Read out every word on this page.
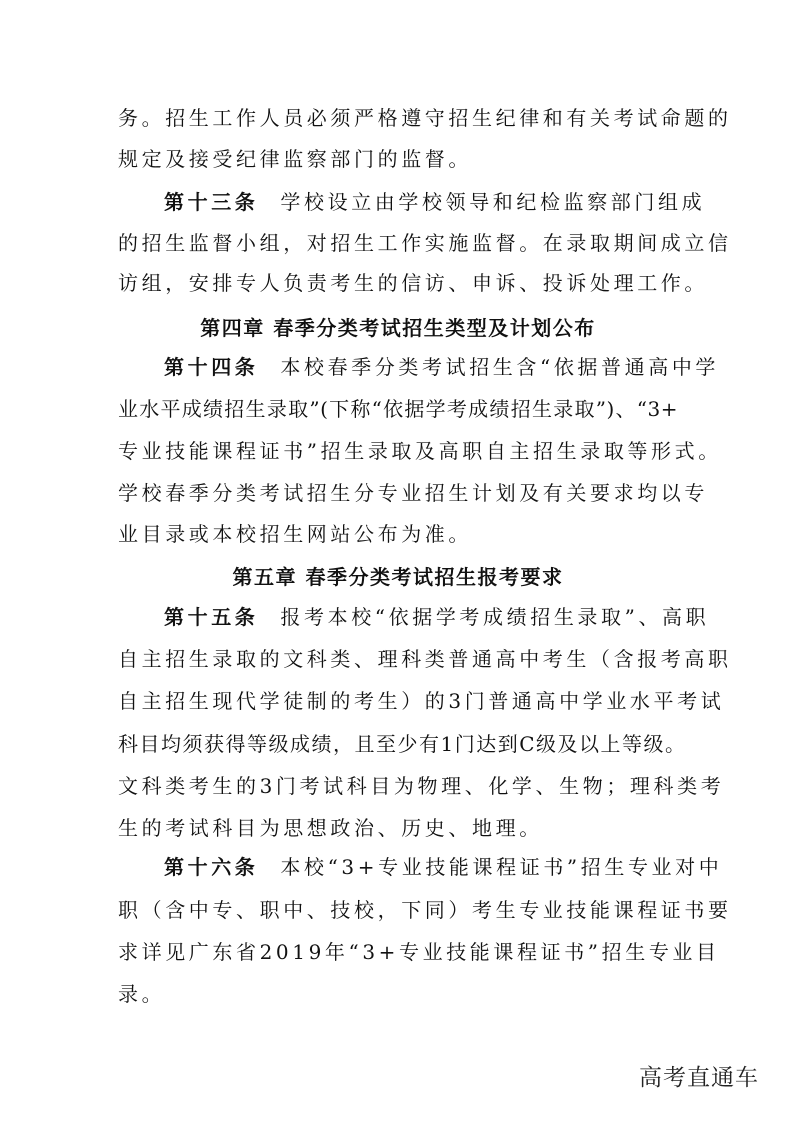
务。招生工作人员必须严格遵守招生纪律和有关考试命题的
规定及接受纪律监察部门的监督。
第十三条 学校设立由学校领导和纪检监察部门组成
的招生监督小组，对招生工作实施监督。在录取期间成立信
访组，安排专人负责考生的信访、申诉、投诉处理工作。
第四章 春季分类考试招生类型及计划公布
第十四条 本校春季分类考试招生含“依据普通高中学
业水平成绩招生录取”(下称“依据学考成绩招生录取”)、“3+
专业技能课程证书”招生录取及高职自主招生录取等形式。
学校春季分类考试招生分专业招生计划及有关要求均以专
业目录或本校招生网站公布为准。
第五章 春季分类考试招生报考要求
第十五条 报考本校“依据学考成绩招生录取”、高职
自主招生录取的文科类、理科类普通高中考生（含报考高职
自主招生现代学徒制的考生）的3门普通高中学业水平考试
科目均须获得等级成绩，且至少有1门达到C级及以上等级。
文科类考生的3门考试科目为物理、化学、生物；理科类考
生的考试科目为思想政治、历史、地理。
第十六条 本校“3+专业技能课程证书”招生专业对中
职（含中专、职中、技校，下同）考生专业技能课程证书要
求详见广东省2019年“3+专业技能课程证书”招生专业目
录。
高考直通车
